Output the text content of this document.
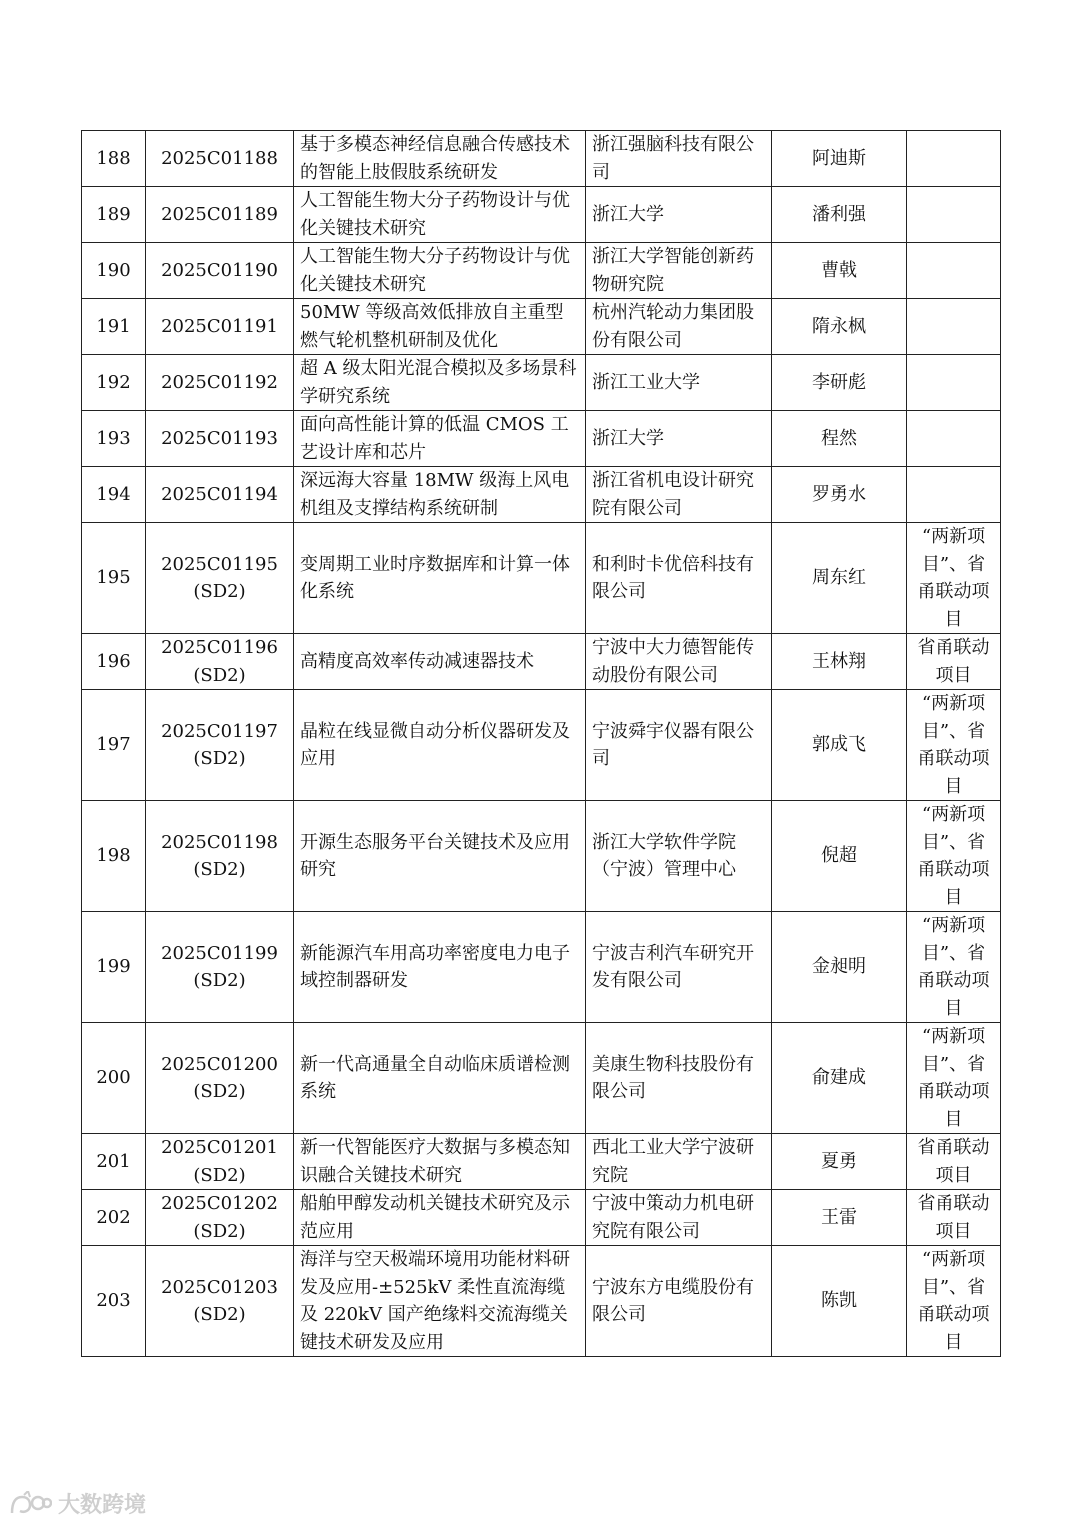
188	2025C01188	基于多模态神经信息融合传感技术的智能上肢假肢系统研发	浙江强脑科技有限公司	阿迪斯	
189	2025C01189	人工智能生物大分子药物设计与优化关键技术研究	浙江大学	潘利强	
190	2025C01190	人工智能生物大分子药物设计与优化关键技术研究	浙江大学智能创新药物研究院	曹戟	
191	2025C01191	50MW 等级高效低排放自主重型燃气轮机整机研制及优化	杭州汽轮动力集团股份有限公司	隋永枫	
192	2025C01192	超 A 级太阳光混合模拟及多场景科学研究系统	浙江工业大学	李研彪	
193	2025C01193	面向高性能计算的低温 CMOS 工艺设计库和芯片	浙江大学	程然	
194	2025C01194	深远海大容量 18MW 级海上风电机组及支撑结构系统研制	浙江省机电设计研究院有限公司	罗勇水	
195	2025C01195(SD2)	变周期工业时序数据库和计算一体化系统	和利时卡优倍科技有限公司	周东红	“两新项目”、省甬联动项目
196	2025C01196(SD2)	高精度高效率传动减速器技术	宁波中大力德智能传动股份有限公司	王林翔	省甬联动项目
197	2025C01197(SD2)	晶粒在线显微自动分析仪器研发及应用	宁波舜宇仪器有限公司	郭成飞	“两新项目”、省甬联动项目
198	2025C01198(SD2)	开源生态服务平台关键技术及应用研究	浙江大学软件学院（宁波）管理中心	倪超	“两新项目”、省甬联动项目
199	2025C01199(SD2)	新能源汽车用高功率密度电力电子域控制器研发	宁波吉利汽车研究开发有限公司	金昶明	“两新项目”、省甬联动项目
200	2025C01200(SD2)	新一代高通量全自动临床质谱检测系统	美康生物科技股份有限公司	俞建成	“两新项目”、省甬联动项目
201	2025C01201(SD2)	新一代智能医疗大数据与多模态知识融合关键技术研究	西北工业大学宁波研究院	夏勇	省甬联动项目
202	2025C01202(SD2)	船舶甲醇发动机关键技术研究及示范应用	宁波中策动力机电研究院有限公司	王雷	省甬联动项目
203	2025C01203(SD2)	海洋与空天极端环境用功能材料研发及应用-±525kV 柔性直流海缆及 220kV 国产绝缘料交流海缆关键技术研发及应用	宁波东方电缆股份有限公司	陈凯	“两新项目”、省甬联动项目
大数跨境
